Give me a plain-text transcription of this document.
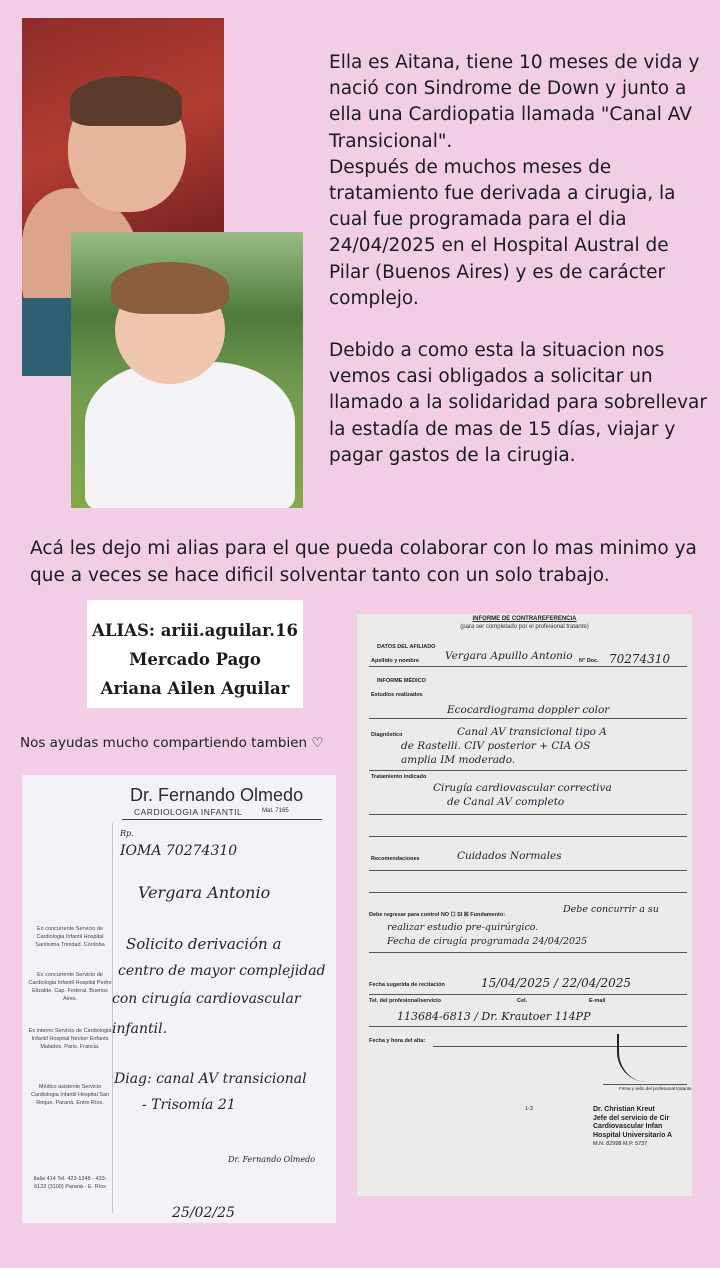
Ella es Aitana, tiene 10 meses de vida y
nació con Sindrome de Down y junto a
ella una Cardiopatia llamada "Canal AV
Transicional".
Después de muchos meses de
tratamiento fue derivada a cirugia, la
cual fue programada para el dia
24/04/2025 en el Hospital Austral de
Pilar (Buenos Aires) y es de carácter
complejo.

Debido a como esta la situacion nos
vemos casi obligados a solicitar un
llamado a la solidaridad para sobrellevar
la estadía de mas de 15 días, viajar y
pagar gastos de la cirugia.

Acá les dejo mi alias para el que pueda colaborar con lo mas minimo ya que a veces se hace dificil solventar tanto con un solo trabajo.
ALIAS: ariii.aguilar.16
Mercado Pago
Ariana Ailen Aguilar
Nos ayudas mucho compartiendo tambien ♡
Dr. Fernando Olmedo
CARDIOLOGIA INFANTIL	Mat. 7165
En concurrente Servicio de Cardiologia Infantil Hospital Santisima Trinidad. Córdoba
Ex concurrente Servicio de Cardiologia Infantil Hospital Pedro Elizalde. Cap. Federal. Buenos Aires.
Ex interno Servicio de Cardiologia Infantil Hospital Necker Enfants Malades. Paris. Francia.
Médico asistente Servicio Cardiologia Infantil Hospital San Roque. Paraná. Entre Ríos.
Italia 414 Tel. 423-1348 - 433-6132 (3100) Paraná - E. Ríos
Rp.
IOMA 70274310
Vergara Antonio
Solicito derivación a
centro de mayor complejidad
con cirugía cardiovascular
infantil.
Diag: canal AV transicional
- Trisomía 21
Dr. Fernando Olmedo
25/02/25
INFORME DE CONTRAREFERENCIA
(para ser completado por el profesional tratante)
DATOS DEL AFILIADO
Apellido y nombre Vergara Apuillo Antonio N° Doc. 70274310
INFORME MÉDICO
Estudios realizados
Ecocardiograma doppler color
Diagnóstico	Canal AV transicional tipo A
de Rastelli. CIV posterior + CIA OS
amplia IM moderado.
Tratamiento indicado
Cirugía cardiovascular correctiva
de Canal AV completo
Recomendaciones	Cuidados Normales
Debe regresar para control NO ☐ SI ☒ Fundamento:	Debe concurrir a su
realizar estudio pre-quirúrgico.
Fecha de cirugía programada 24/04/2025
Fecha sugerida de recitación	15/04/2025 / 22/04/2025
Tel. del profesional/servicio	Cel.	E-mail
113684-6813 / Dr. Krautoer 114PP
Fecha y hora del alta:
Firma y sello del profesional tratante
1-3	Dr. Christian Kreut
Jefe del servicio de Cir
Cardiovascular Infan
Hospital Universitario A
M.N. 82998 M.P. 5737
